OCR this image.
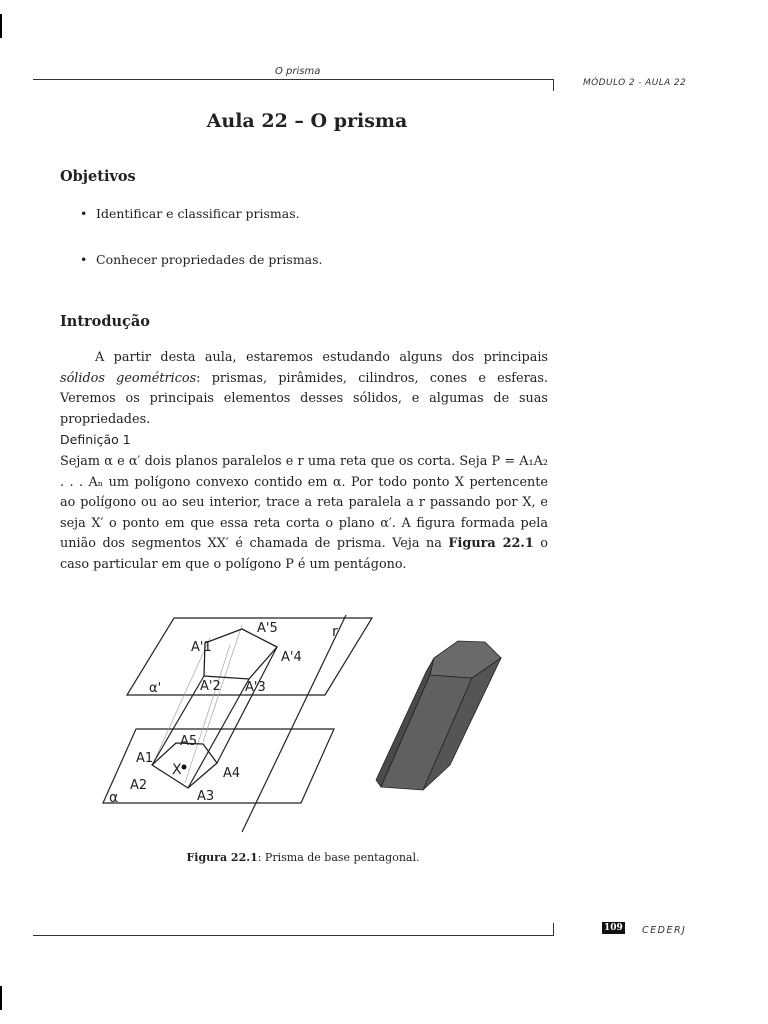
O prisma
MÓDULO 2 - AULA 22
Aula 22 – O prisma
Objetivos
• Identificar e classificar prismas.
• Conhecer propriedades de prismas.
Introdução

A partir desta aula, estaremos estudando alguns dos principais sólidos geométricos: prismas, pirâmides, cilindros, cones e esferas. Veremos os principais elementos desses sólidos, e algumas de suas propriedades.

Definição 1

Sejam α e α′ dois planos paralelos e r uma reta que os corta. Seja P = A₁A₂ . . . Aₙ um polígono convexo contido em α. Por todo ponto X pertencente ao polígono ou ao seu interior, trace a reta paralela a r passando por X, e seja X′ o ponto em que essa reta corta o plano α′. A figura formada pela união dos segmentos XX′ é chamada de prisma. Veja na Figura 22.1 o caso particular em que o polígono P é um pentágono.

A'5	r
A'1
A'4
α'	A'2 A'3
A5
A1
X	A4
A2
A3
α
Figura 22.1: Prisma de base pentagonal.
109 CEDERJ
